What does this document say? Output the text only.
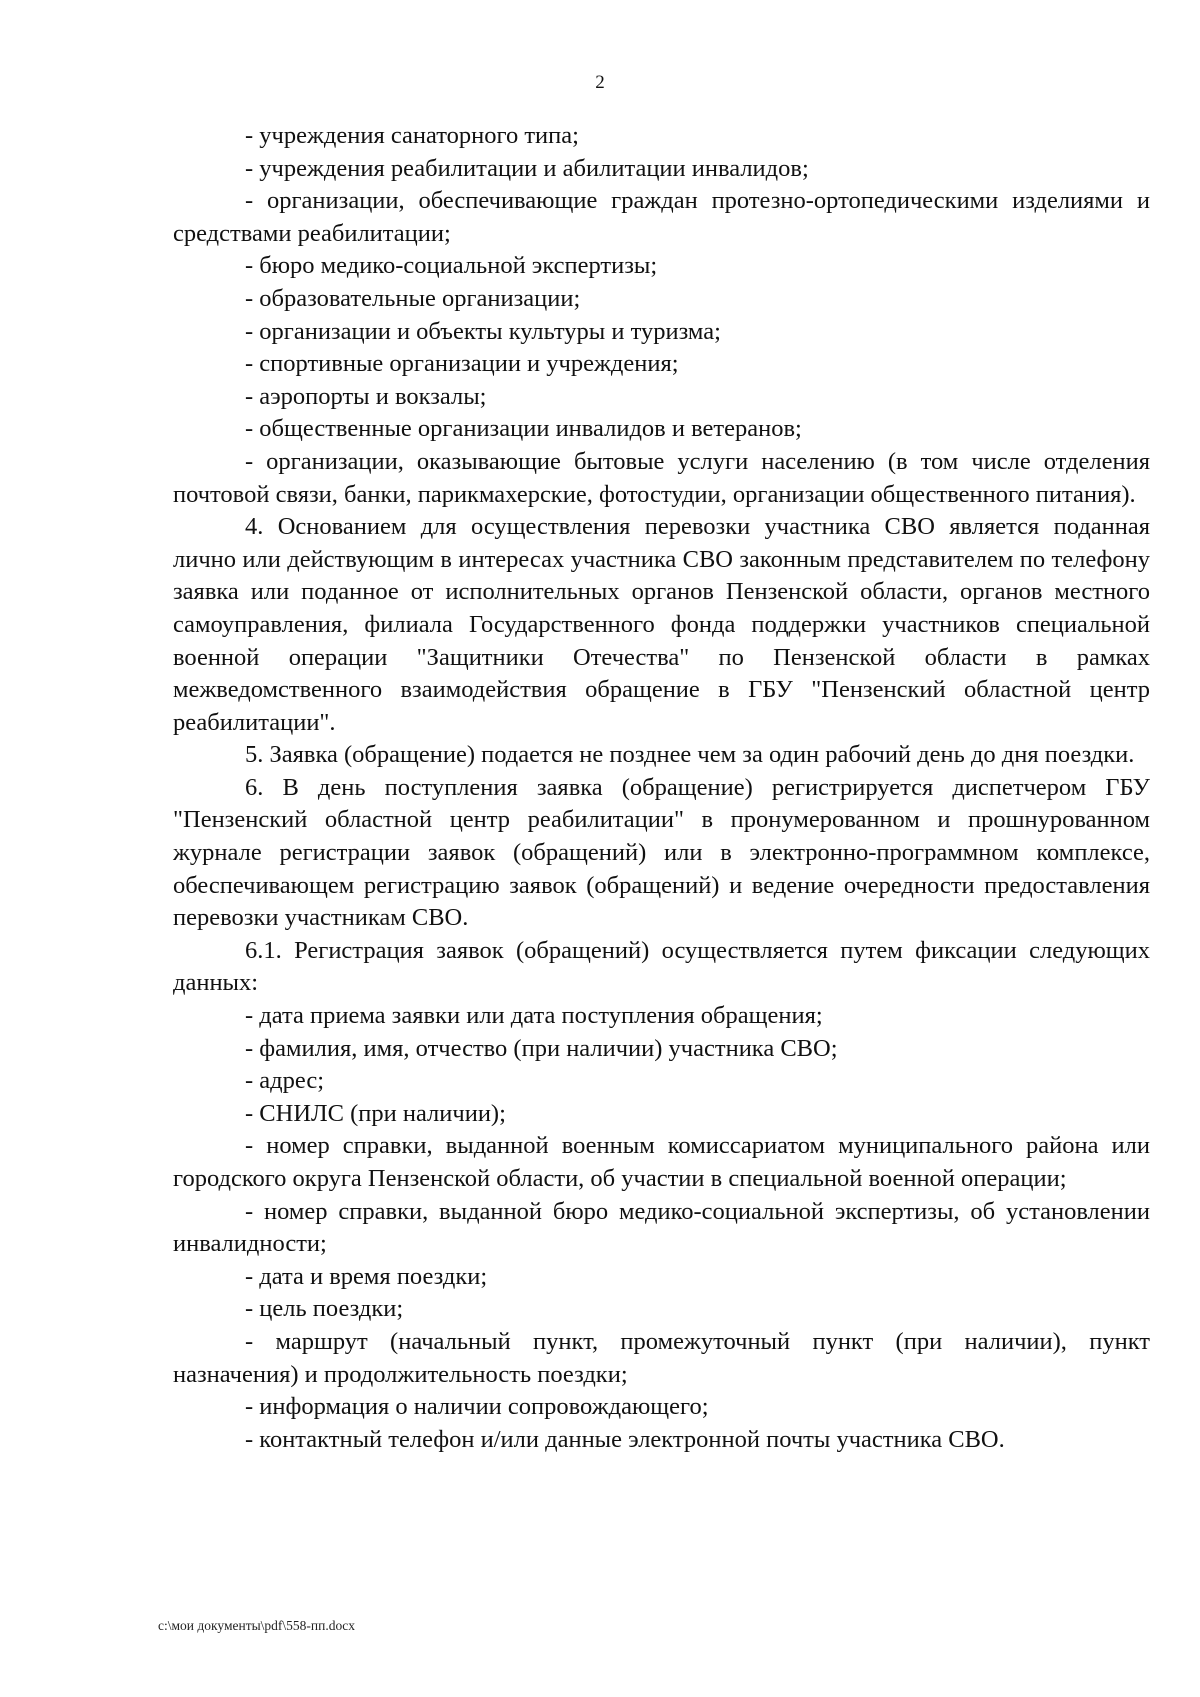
2

- учреждения санаторного типа;

- учреждения реабилитации и абилитации инвалидов;

- организации, обеспечивающие граждан протезно-ортопедическими изделиями и средствами реабилитации;

- бюро медико-социальной экспертизы;

- образовательные организации;

- организации и объекты культуры и туризма;

- спортивные организации и учреждения;

- аэропорты и вокзалы;

- общественные организации инвалидов и ветеранов;

- организации, оказывающие бытовые услуги населению (в том числе отделения почтовой связи, банки, парикмахерские, фотостудии, организации общественного питания).

4. Основанием для осуществления перевозки участника СВО является поданная лично или действующим в интересах участника СВО законным представителем по телефону заявка или поданное от исполнительных органов Пензенской области, органов местного самоуправления, филиала Государственного фонда поддержки участников специальной военной операции "Защитники Отечества" по Пензенской области в рамках межведомственного взаимодействия обращение в ГБУ "Пензенский областной центр реабилитации".

5. Заявка (обращение) подается не позднее чем за один рабочий день до дня поездки.

6. В день поступления заявка (обращение) регистрируется диспетчером ГБУ "Пензенский областной центр реабилитации" в пронумерованном и прошнурованном журнале регистрации заявок (обращений) или в электронно-программном комплексе, обеспечивающем регистрацию заявок (обращений) и ведение очередности предоставления перевозки участникам СВО.

6.1. Регистрация заявок (обращений) осуществляется путем фиксации следующих данных:

- дата приема заявки или дата поступления обращения;

- фамилия, имя, отчество (при наличии) участника СВО;

- адрес;

- СНИЛС (при наличии);

- номер справки, выданной военным комиссариатом муниципального района или городского округа Пензенской области, об участии в специальной военной операции;

- номер справки, выданной бюро медико-социальной экспертизы, об установлении инвалидности;

- дата и время поездки;

- цель поездки;

- маршрут (начальный пункт, промежуточный пункт (при наличии), пункт назначения) и продолжительность поездки;

- информация о наличии сопровождающего;

- контактный телефон и/или данные электронной почты участника СВО.

c:\мои документы\pdf\558-пп.docx
